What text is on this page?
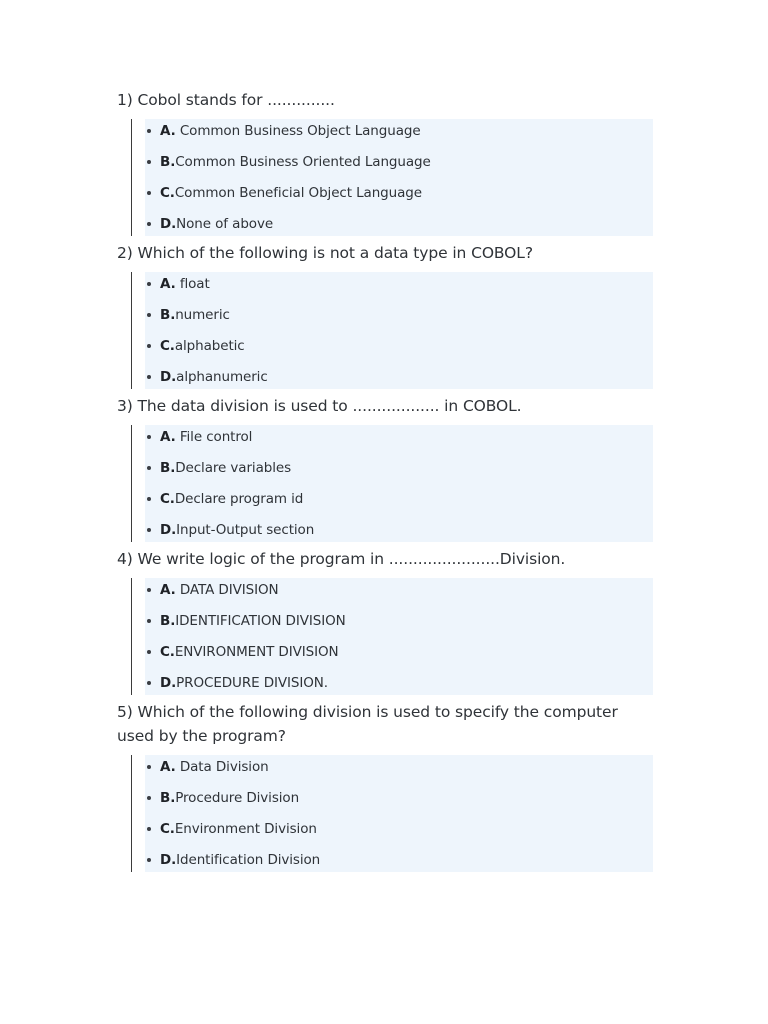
1) Cobol stands for ..............

A. Common Business Object Language
B.Common Business Oriented Language
C.Common Beneficial Object Language
D.None of above

2) Which of the following is not a data type in COBOL?

A. float
B.numeric
C.alphabetic
D.alphanumeric

3) The data division is used to .................. in COBOL.

A. File control
B.Declare variables
C.Declare program id
D.Input-Output section

4) We write logic of the program in .......................Division.

A. DATA DIVISION
B.IDENTIFICATION DIVISION
C.ENVIRONMENT DIVISION
D.PROCEDURE DIVISION.

5) Which of the following division is used to specify the computer used by the program?

A. Data Division
B.Procedure Division
C.Environment Division
D.Identification Division
